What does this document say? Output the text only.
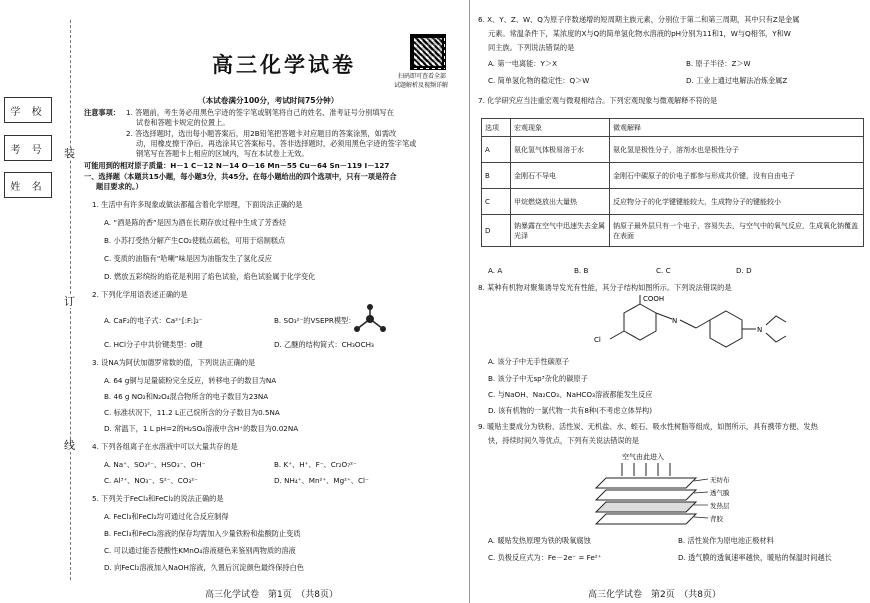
装
订
线
学 校
考 号
姓 名
高三化学试卷	扫码即可查看全部
试题解析及视频详解
（本试卷满分100分，考试时间75分钟）
注意事项： 1. 答题前，考生务必用黑色字迹的签字笔或钢笔将自己的姓名、准考证号分别填写在
试卷和答题卡规定的位置上。
2. 答选择题时，选出每小题答案后，用2B铅笔把答题卡对应题目的答案涂黑，如需改
动，用橡皮擦干净后，再选涂其它答案标号。答非选择题时，必须用黑色字迹的签字笔或
钢笔写在答题卡上相应的区域内，写在本试卷上无效。
可能用到的相对原子质量：H－1 C－12 N－14 O－16 Mn－55 Cu－64 Sn－119 I－127
一、选择题（本题共15小题，每小题3分，共45分。在每小题给出的四个选项中，只有一项是符合
题目要求的。）
1. 生活中有许多现象或做法都蕴含着化学原理，下面说法正确的是
A. “酒是陈的香”是因为酒在长期存放过程中生成了芳香烃
B. 小苏打受热分解产生CO₂使糕点疏松，可用于焙制糕点
C. 变质的油脂有“哈喇”味是因为油脂发生了氢化反应
D. 燃放五彩缤纷的焰花是利用了焰色试验，焰色试验属于化学变化
2. 下列化学用语表述正确的是
A. CaF₂的电子式：Ca²⁺[:F:]₂⁻	B. SO₃²⁻的VSEPR模型：
C. HCl分子中共价键类型：σ键	D. 乙醚的结构简式：CH₃OCH₃
3. 设NA为阿伏加德罗常数的值，下列说法正确的是
A. 64 g铜与足量硫粉完全反应，转移电子的数目为NA
B. 46 g NO₂和N₂O₄混合物所含的电子数目为23NA
C. 标准状况下，11.2 L正己烷所含的分子数目为0.5NA
D. 常温下，1 L pH=2的H₂SO₄溶液中含H⁺的数目为0.02NA
4. 下列各组离子在水溶液中可以大量共存的是
A. Na⁺、SO₃²⁻、HSO₃⁻、OH⁻	B. K⁺、H⁺、F⁻、Cr₂O₇²⁻
C. Al³⁺、NO₃⁻、S²⁻、CO₃²⁻	D. NH₄⁺、Mn²⁺、Mg²⁺、Cl⁻
5. 下列关于FeCl₃和FeCl₂的说法正确的是
A. FeCl₃和FeCl₂均可通过化合反应制得
B. FeCl₃和FeCl₂溶液的保存均需加入少量铁粉和盐酸防止变质
C. 可以通过能否使酸性KMnO₄溶液褪色来鉴别两物质的溶液
D. 向FeCl₂溶液加入NaOH溶液，久置后沉淀颜色最终保持白色
高三化学试卷　第1页　（共8页）
6. X、Y、Z、W、Q为原子序数递增的短周期主族元素，分别位于第二和第三周期，其中只有Z是金属
元素。常温条件下，某浓度的X与Q的简单氢化物水溶液的pH分别为11和1，W与Q相邻，Y和W
同主族。下列说法错误的是
A. 第一电离能：Y＞X	B. 原子半径：Z＞W
C. 简单氢化物的稳定性：Q＞W	D. 工业上通过电解法冶炼金属Z
7. 化学研究应当注重宏观与微观相结合。下列宏观现象与微观解释不符的是
选项	宏观现象	微观解释
A	氨化氢气体极易溶于水	氨化氢是极性分子，溶剂水也是极性分子
B	金刚石不导电	金刚石中碳原子的价电子都参与形成共价键，没有自由电子
C	甲烷燃烧放出大量热	反应物分子的化学键键能较大，生成物分子的键能较小
D	钠暴露在空气中迅速失去金属光泽	钠原子最外层只有一个电子，容易失去，与空气中的氧气反应，生成氧化钠覆盖在表面
A. A	B. B	C. C	D. D
8. 某种有机物对聚集诱导发光有性能，其分子结构如图所示。下列说法错误的是
COOH
Cl
N
N
A. 该分子中无手性碳原子
B. 该分子中无sp³杂化的碳原子
C. 与NaOH、Na₂CO₃、NaHCO₃溶液都能发生反应
D. 该有机物的一氯代物一共有8种(不考虑立体异构)
9. 暖贴主要成分为铁粉、活性炭、无机盐、水、蛭石、吸水性树脂等组成，如图所示，具有携带方便、发热
快，持续时间久等优点，下列有关说法错误的是
空气由此进入
无纺布
透气膜
发热层
背胶
A. 暖贴发热原理为铁的吸氧腐蚀	B. 活性炭作为原电池正极材料
C. 负极反应式为：Fe－2e⁻ = Fe²⁺	D. 透气膜的透氧速率越快，暖贴的保温时间越长
高三化学试卷　第2页　（共8页）
